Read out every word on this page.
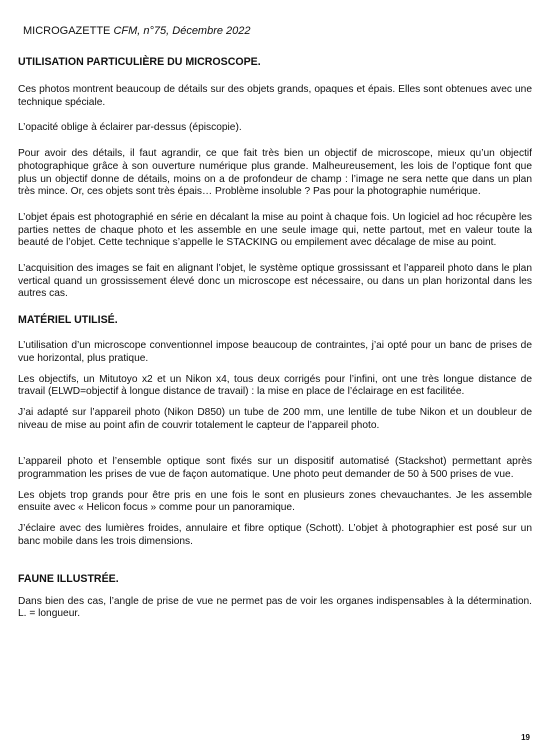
MICROGAZETTE CFM, n°75, Décembre 2022
UTILISATION PARTICULIÈRE DU MICROSCOPE.

Ces photos montrent beaucoup de détails sur des objets grands, opaques et épais. Elles sont obtenues avec une technique spéciale.

L’opacité oblige à éclairer par-dessus (épiscopie).

Pour avoir des détails, il faut agrandir, ce que fait très bien un objectif de microscope, mieux qu’un objectif photographique grâce à son ouverture numérique plus grande. Malheureusement, les lois de l’optique font que plus un objectif donne de détails, moins on a de profondeur de champ : l’image ne sera nette que dans un plan très mince. Or, ces objets sont très épais… Problème insoluble ? Pas pour la photographie numérique.

L’objet épais est photographié en série en décalant la mise au point à chaque fois. Un logiciel ad hoc récupère les parties nettes de chaque photo et les assemble en une seule image qui, nette partout, met en valeur toute la beauté de l’objet. Cette technique s’appelle le STACKING ou empilement avec décalage de mise au point.

L’acquisition des images se fait en alignant l’objet, le système optique grossissant et l’appareil photo dans le plan vertical quand un grossissement élevé donc un microscope est nécessaire, ou dans un plan horizontal dans les autres cas.

MATÉRIEL UTILISÉ.

L’utilisation d’un microscope conventionnel impose beaucoup de contraintes, j’ai opté pour un banc de prises de vue horizontal, plus pratique.

Les objectifs, un Mitutoyo x2 et un Nikon x4, tous deux corrigés pour l’infini, ont une très longue distance de travail (ELWD=objectif à longue distance de travail) : la mise en place de l’éclairage en est facilitée.

J’ai adapté sur l’appareil photo (Nikon D850) un tube de 200 mm, une lentille de tube Nikon et un doubleur de niveau de mise au point afin de couvrir totalement le capteur de l’appareil photo.

L’appareil photo et l’ensemble optique sont fixés sur un dispositif automatisé (Stackshot) permettant après programmation les prises de vue de façon automatique. Une photo peut demander de 50 à 500 prises de vue.

Les objets trop grands pour être pris en une fois le sont en plusieurs zones chevauchantes. Je les assemble ensuite avec « Helicon focus » comme pour un panoramique.

J’éclaire avec des lumières froides, annulaire et fibre optique (Schott). L’objet à photographier est posé sur un banc mobile dans les trois dimensions.

FAUNE ILLUSTRÉE.

Dans bien des cas, l’angle de prise de vue ne permet pas de voir les organes indispensables à la détermination. L. = longueur.

19
